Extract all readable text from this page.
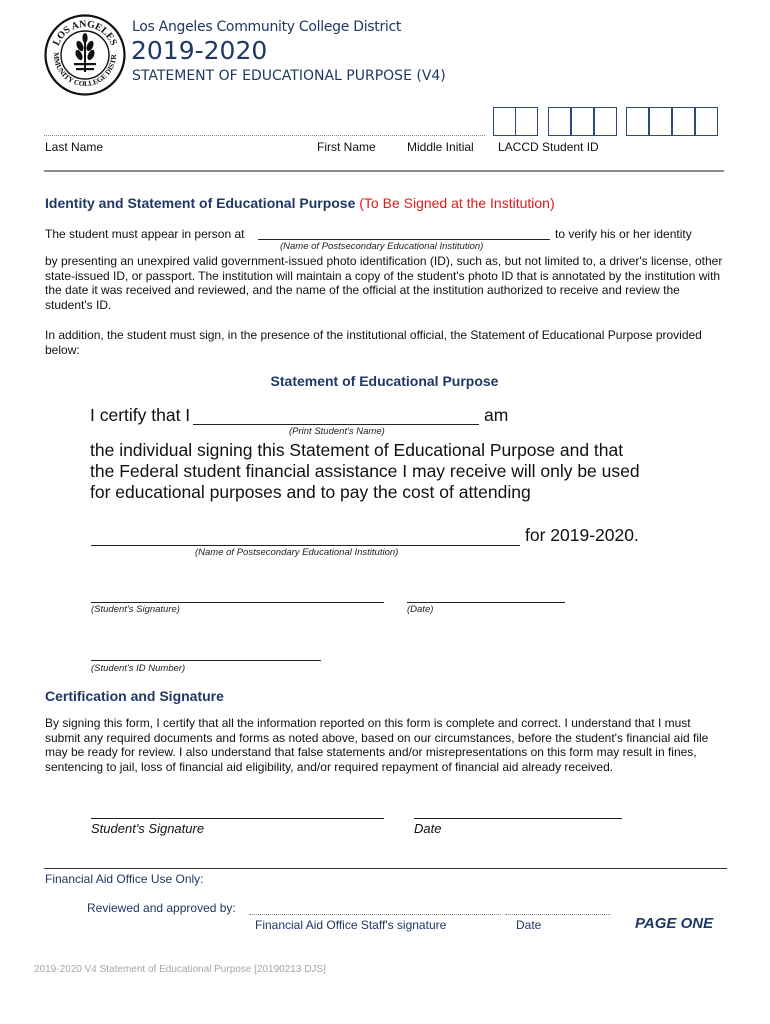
LOS ANGELES
MMUNITY COLLEGE DISTR
Los Angeles Community College District
2019-2020
STATEMENT OF EDUCATIONAL PURPOSE (V4)
Last Name	First Name	Middle Initial LACCD Student ID
Identity and Statement of Educational Purpose (To Be Signed at the Institution)
The student must appear in person at	to verify his or her identity
(Name of Postsecondary Educational Institution)
by presenting an unexpired valid government-issued photo identification (ID), such as, but not limited to, a driver's license, other state-issued ID, or passport. The institution will maintain a copy of the student's photo ID that is annotated by the institution with the date it was received and reviewed, and the name of the official at the institution authorized to receive and review the student's ID.
In addition, the student must sign, in the presence of the institutional official, the Statement of Educational Purpose provided below:
Statement of Educational Purpose
I certify that I	am
(Print Student's Name)
the individual signing this Statement of Educational Purpose and that the Federal student financial assistance I may receive will only be used for educational purposes and to pay the cost of attending
for 2019-2020.
(Name of Postsecondary Educational Institution)
(Student's Signature)	(Date)
(Student's ID Number)
Certification and Signature
By signing this form, I certify that all the information reported on this form is complete and correct. I understand that I must submit any required documents and forms as noted above, based on our circumstances, before the student's financial aid file may be ready for review. I also understand that false statements and/or misrepresentations on this form may result in fines, sentencing to jail, loss of financial aid eligibility, and/or required repayment of financial aid already received.
Student's Signature	Date
Financial Aid Office Use Only:
Reviewed and approved by:
Financial Aid Office Staff's signature	Date	PAGE ONE
2019-2020 V4 Statement of Educational Purpose [20190213 DJS]
